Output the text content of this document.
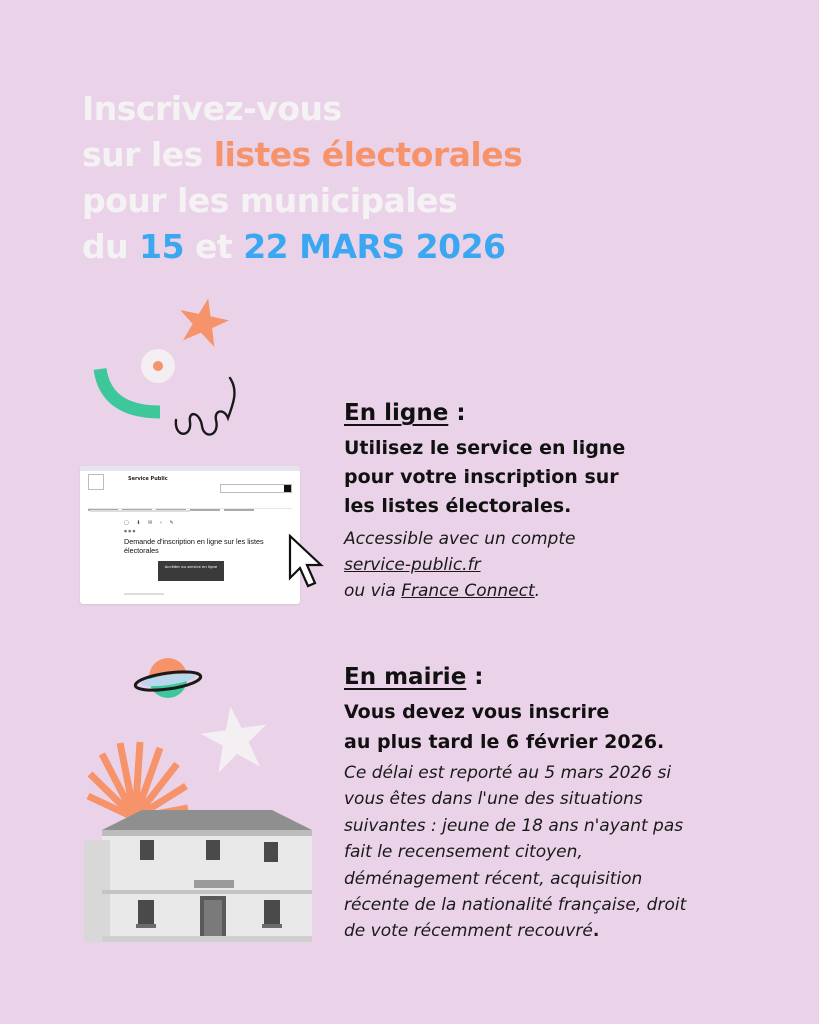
Inscrivez-vous
sur les listes électorales
pour les municipales
du 15 et 22 MARS 2026
Service Public
▢ ⬇ ✉ ‹ ✎
● ● ●
Demande d'inscription en ligne sur les listes électorales
Accéder au service en ligne
En ligne :
Utilisez le service en ligne
pour votre inscription sur
les listes électorales.
Accessible avec un compte
service-public.fr
ou via France Connect.
En mairie :
Vous devez vous inscrire
au plus tard le 6 février 2026.
Ce délai est reporté au 5 mars 2026 si
vous êtes dans l'une des situations
suivantes : jeune de 18 ans n'ayant pas
fait le recensement citoyen,
déménagement récent, acquisition
récente de la nationalité française, droit
de vote récemment recouvré.
